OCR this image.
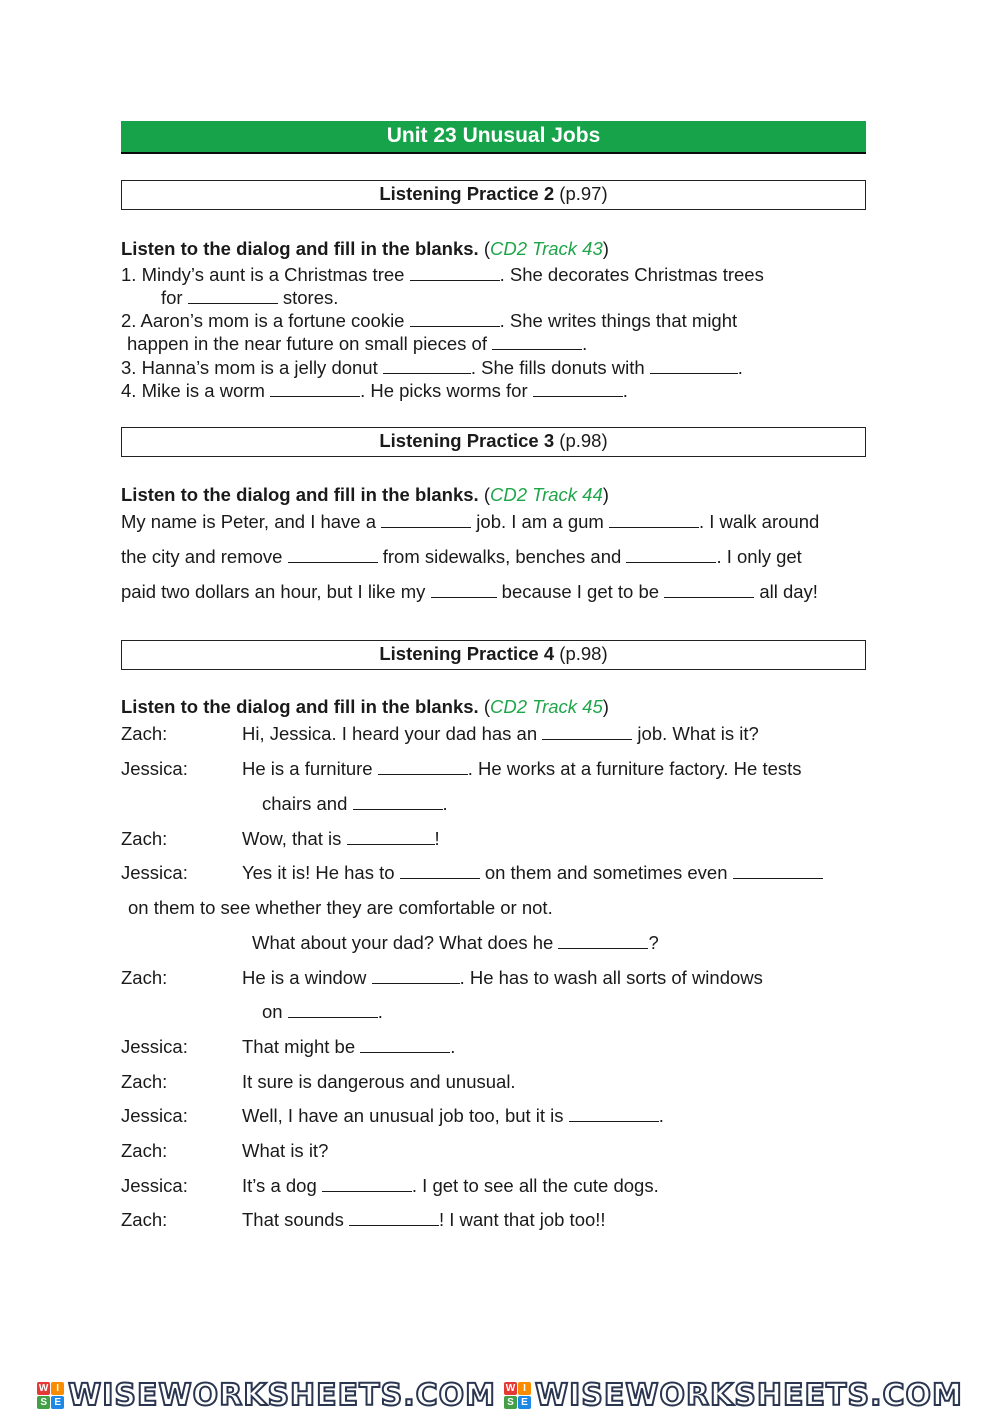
Unit 23 Unusual Jobs
Listening Practice 2 (p.97)
Listen to the dialog and fill in the blanks. (CD2 Track 43)
1. Mindy’s aunt is a Christmas tree	. She decorates Christmas trees
for	stores.
2. Aaron’s mom is a fortune cookie	. She writes things that might
happen in the near future on small pieces of	.
3. Hanna’s mom is a jelly donut	. She fills donuts with	.
4. Mike is a worm	. He picks worms for	.
Listening Practice 3 (p.98)
Listen to the dialog and fill in the blanks. (CD2 Track 44)
My name is Peter, and I have a	job. I am a gum	. I walk around
the city and remove	from sidewalks, benches and	. I only get
paid two dollars an hour, but I like my	because I get to be	all day!
Listening Practice 4 (p.98)
Listen to the dialog and fill in the blanks. (CD2 Track 45)
Zach:	Hi, Jessica. I heard your dad has an	job. What is it?
Jessica:	He is a furniture	. He works at a furniture factory. He tests
chairs and	.
Zach:	Wow, that is	!
Jessica:	Yes it is! He has to	on them and sometimes even
on them to see whether they are comfortable or not.
What about your dad? What does he	?
Zach:	He is a window	. He has to wash all sorts of windows
on	.
Jessica:	That might be	.
Zach:	It sure is dangerous and unusual.
Jessica:	Well, I have an unusual job too, but it is	.
Zach:	What is it?
Jessica:	It’s a dog	. I get to see all the cute dogs.
Zach:	That sounds	! I want that job too!!
W I
S E WISEWORKSHEETS.COM W I
S E WISEWORKSHEETS.COM
